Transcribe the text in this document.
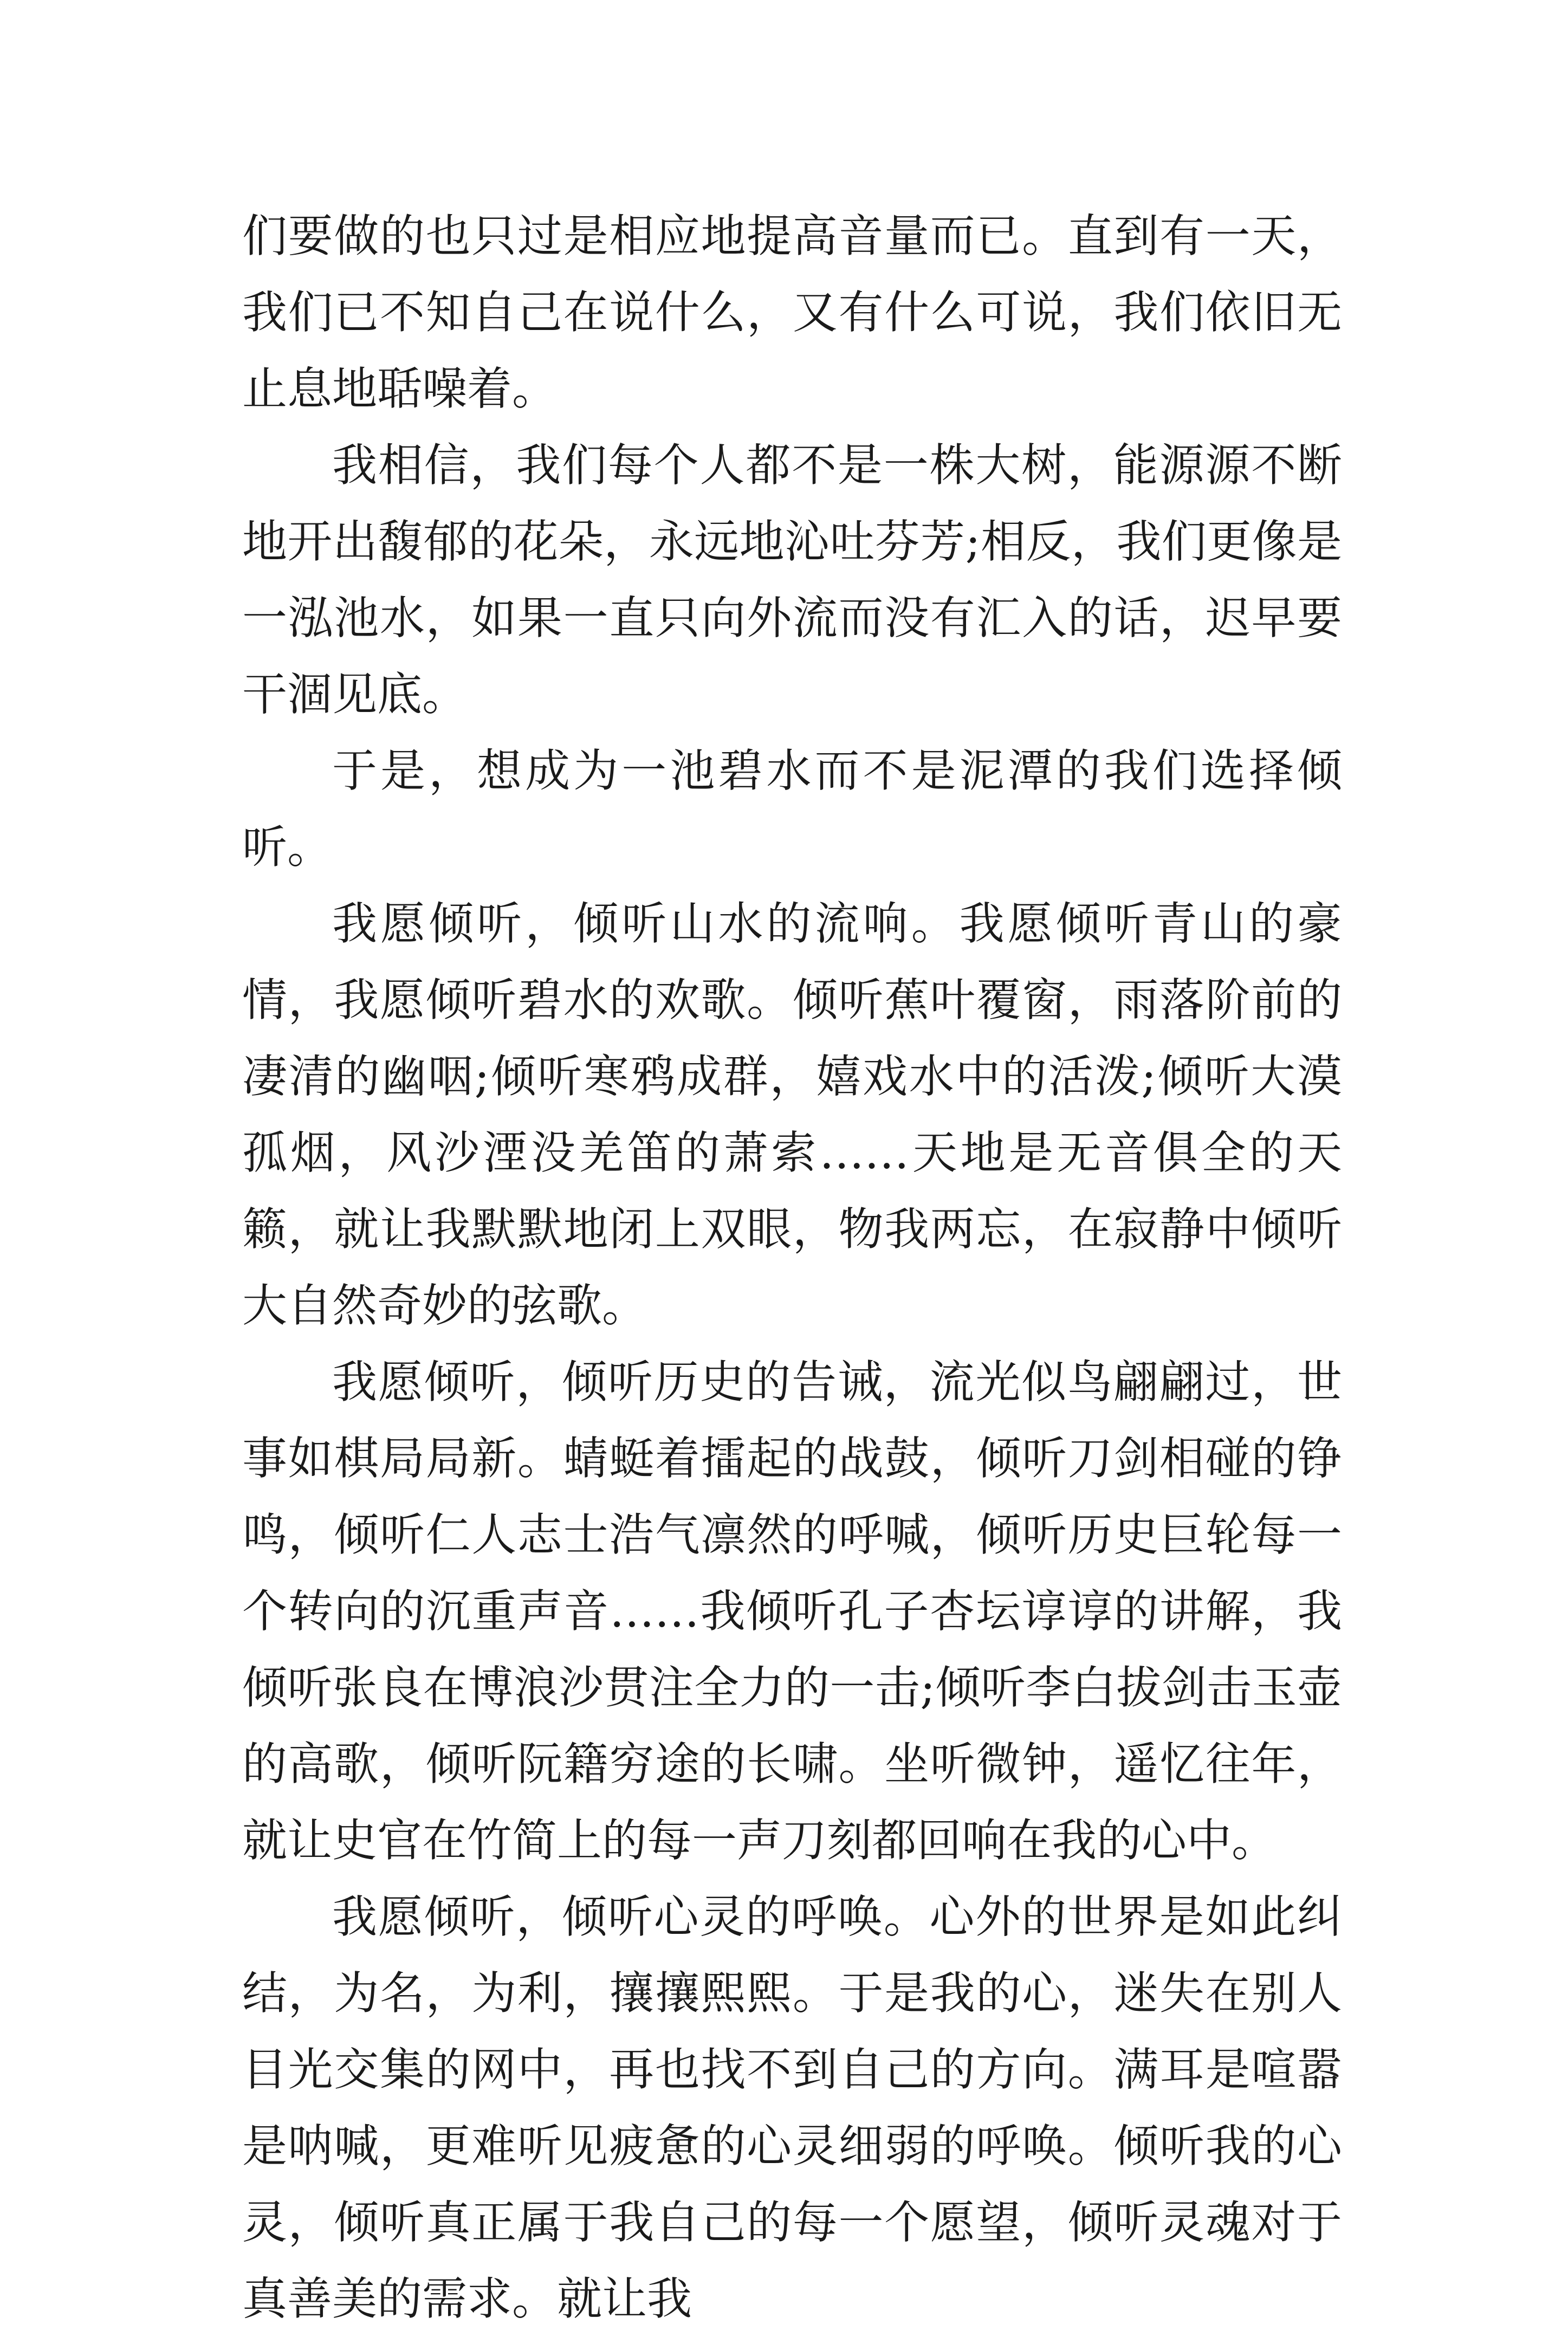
们要做的也只过是相应地提高音量而已。直到有一天，我们已不知自己在说什么，又有什么可说，我们依旧无止息地聒噪着。

我相信，我们每个人都不是一株大树，能源源不断地开出馥郁的花朵，永远地沁吐芬芳;相反，我们更像是一泓池水，如果一直只向外流而没有汇入的话，迟早要干涸见底。

于是，想成为一池碧水而不是泥潭的我们选择倾听。

我愿倾听，倾听山水的流响。我愿倾听青山的豪情，我愿倾听碧水的欢歌。倾听蕉叶覆窗，雨落阶前的凄清的幽咽;倾听寒鸦成群，嬉戏水中的活泼;倾听大漠孤烟，风沙湮没羌笛的萧索……天地是无音俱全的天籁，就让我默默地闭上双眼，物我两忘，在寂静中倾听大自然奇妙的弦歌。

我愿倾听，倾听历史的告诫，流光似鸟翩翩过，世事如棋局局新。蜻蜓着擂起的战鼓，倾听刀剑相碰的铮鸣，倾听仁人志士浩气凛然的呼喊，倾听历史巨轮每一个转向的沉重声音……我倾听孔子杏坛谆谆的讲解，我倾听张良在博浪沙贯注全力的一击;倾听李白拔剑击玉壶的高歌，倾听阮籍穷途的长啸。坐听微钟，遥忆往年，就让史官在竹简上的每一声刀刻都回响在我的心中。

我愿倾听，倾听心灵的呼唤。心外的世界是如此纠结，为名，为利，攘攘熙熙。于是我的心，迷失在别人目光交集的网中，再也找不到自己的方向。满耳是喧嚣是呐喊，更难听见疲惫的心灵细弱的呼唤。倾听我的心灵，倾听真正属于我自己的每一个愿望，倾听灵魂对于真善美的需求。就让我
